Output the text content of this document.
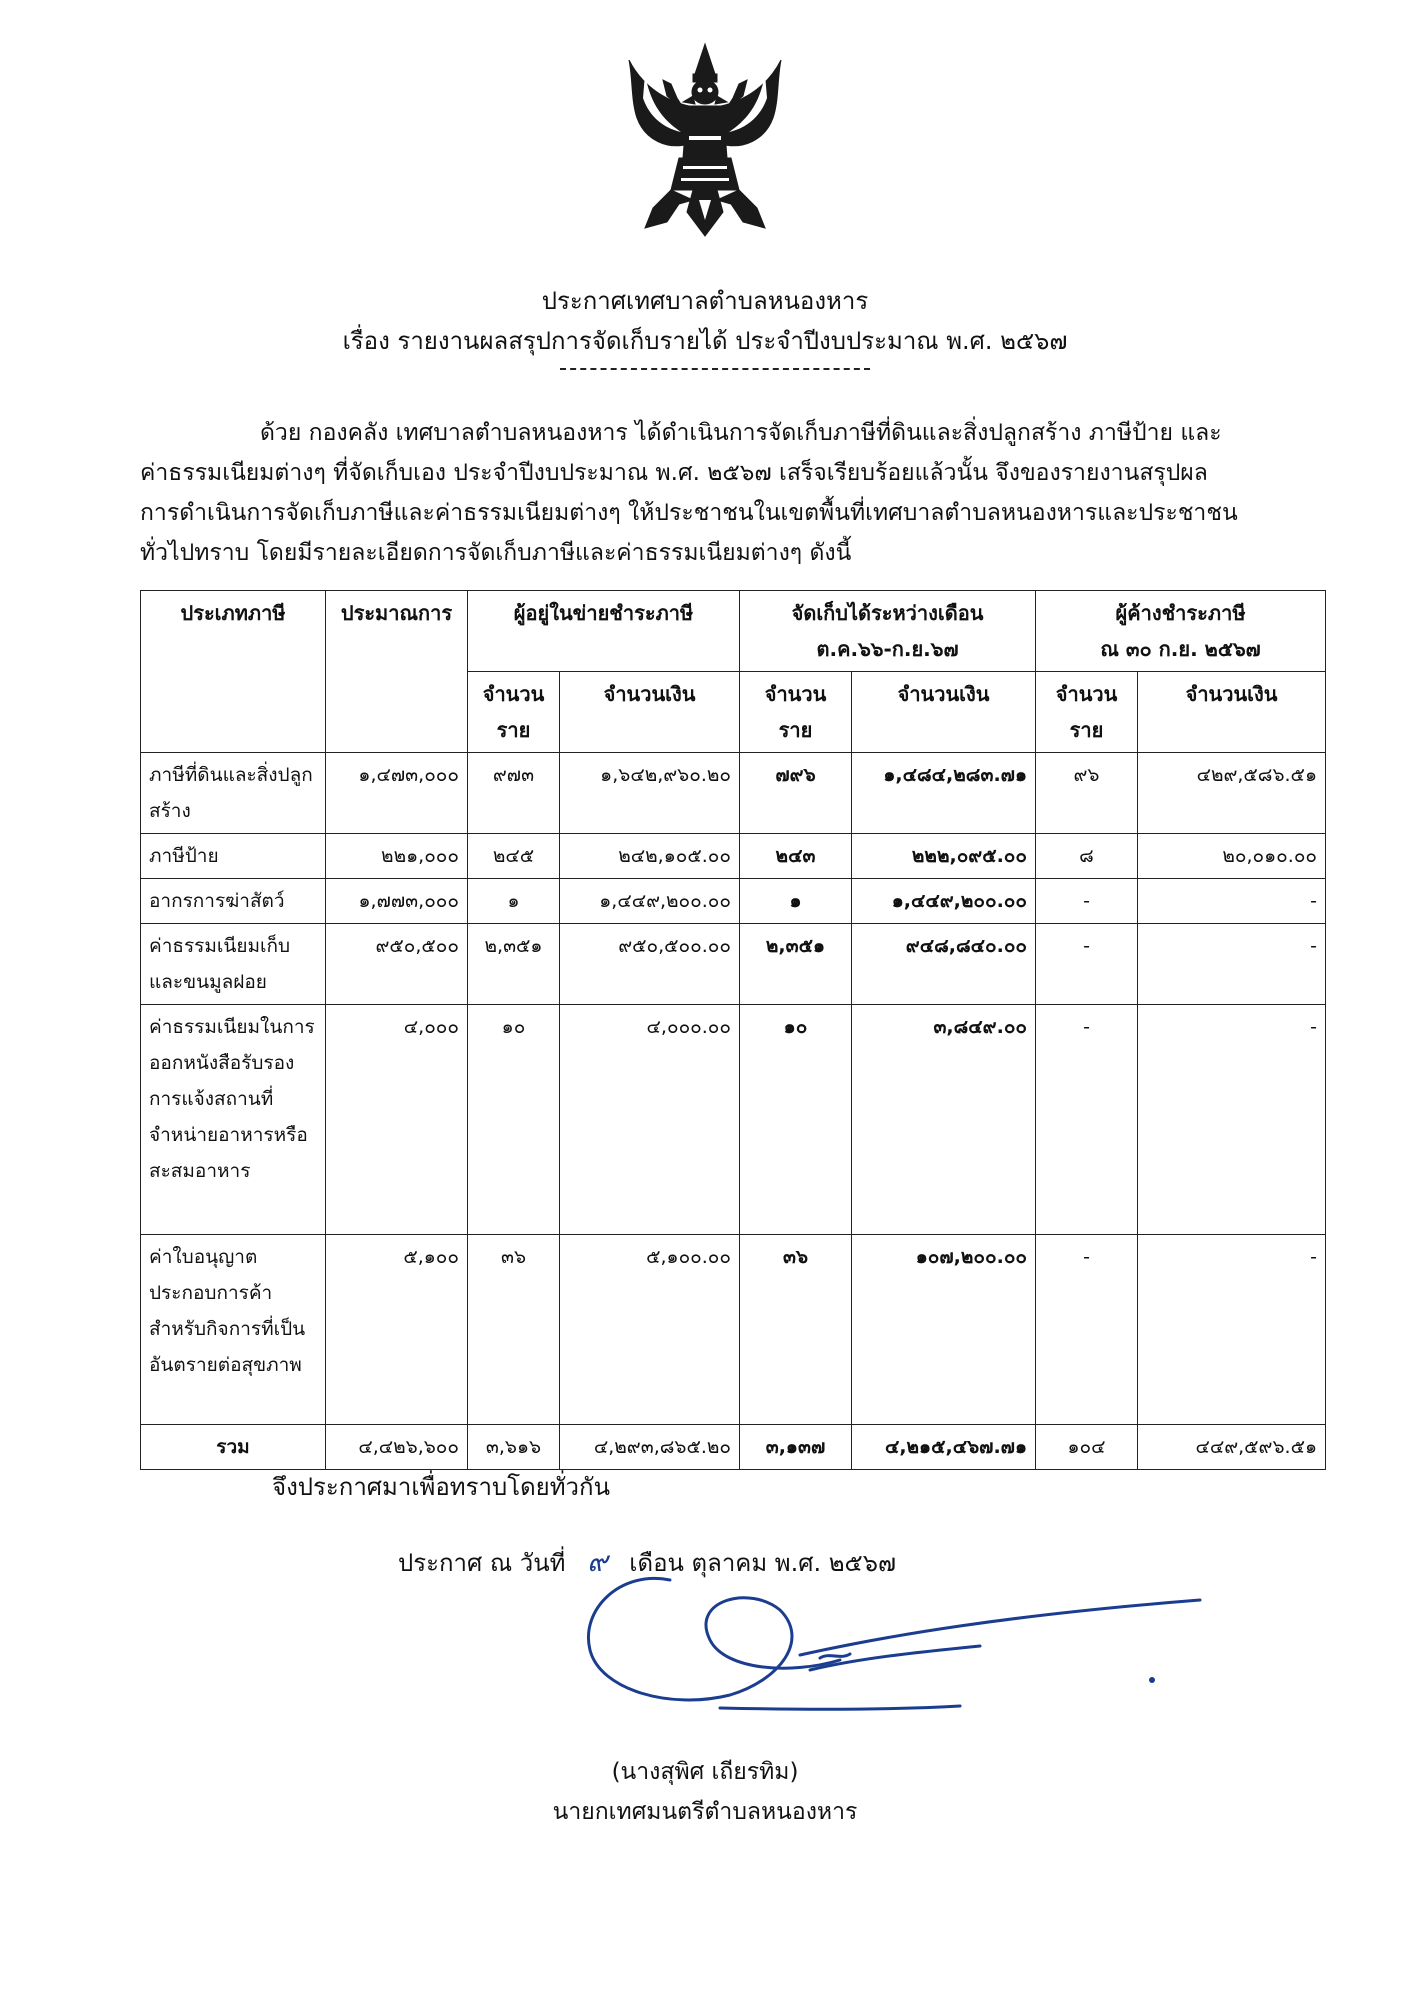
ประกาศเทศบาลตำบลหนองหาร
เรื่อง รายงานผลสรุปการจัดเก็บรายได้ ประจำปีงบประมาณ พ.ศ. ๒๕๖๗
ด้วย กองคลัง เทศบาลตำบลหนองหาร ได้ดำเนินการจัดเก็บภาษีที่ดินและสิ่งปลูกสร้าง ภาษีป้าย และ
ค่าธรรมเนียมต่างๆ ที่จัดเก็บเอง ประจำปีงบประมาณ พ.ศ. ๒๕๖๗ เสร็จเรียบร้อยแล้วนั้น จึงของรายงานสรุปผล
การดำเนินการจัดเก็บภาษีและค่าธรรมเนียมต่างๆ ให้ประชาชนในเขตพื้นที่เทศบาลตำบลหนองหารและประชาชน
ทั่วไปทราบ โดยมีรายละเอียดการจัดเก็บภาษีและค่าธรรมเนียมต่างๆ ดังนี้
ประเภทภาษี	ประมาณการ	ผู้อยู่ในข่ายชำระภาษี		จัดเก็บได้ระหว่างเดือน
ต.ค.๖๖-ก.ย.๖๗		ผู้ค้างชำระภาษี
ณ ๓๐ ก.ย. ๒๕๖๗	

		จำนวนราย	จำนวนเงิน	จำนวนราย	จำนวนเงิน	จำนวนราย	จำนวนเงิน
ภาษีที่ดินและสิ่งปลูกสร้าง	๑,๔๗๓,๐๐๐	๙๗๓	๑,๖๔๒,๙๖๐.๒๐	๗๙๖	๑,๔๘๔,๒๘๓.๗๑	๙๖	๔๒๙,๕๘๖.๕๑
ภาษีป้าย	๒๒๑,๐๐๐	๒๔๕	๒๔๒,๑๐๕.๐๐	๒๔๓	๒๒๒,๐๙๕.๐๐	๘	๒๐,๐๑๐.๐๐
อากรการฆ่าสัตว์	๑,๗๗๓,๐๐๐	๑	๑,๔๔๙,๒๐๐.๐๐	๑	๑,๔๔๙,๒๐๐.๐๐	-	-
ค่าธรรมเนียมเก็บและขนมูลฝอย	๙๕๐,๕๐๐	๒,๓๕๑	๙๕๐,๕๐๐.๐๐	๒,๓๕๑	๙๔๘,๘๔๐.๐๐	-	-
ค่าธรรมเนียมในการออกหนังสือรับรองการแจ้งสถานที่จำหน่ายอาหารหรือสะสมอาหาร	๔,๐๐๐	๑๐	๔,๐๐๐.๐๐	๑๐	๓,๘๔๙.๐๐	-	-
ค่าใบอนุญาตประกอบการค้าสำหรับกิจการที่เป็นอันตรายต่อสุขภาพ	๕,๑๐๐	๓๖	๕,๑๐๐.๐๐	๓๖	๑๐๗,๒๐๐.๐๐	-	-
รวม	๔,๔๒๖,๖๐๐	๓,๖๑๖	๔,๒๙๓,๘๖๕.๒๐	๓,๑๓๗	๔,๒๑๕,๔๖๗.๗๑	๑๐๔	๔๔๙,๕๙๖.๕๑
จึงประกาศมาเพื่อทราบโดยทั่วกัน
ประกาศ ณ วันที่ ๙ เดือน ตุลาคม พ.ศ. ๒๕๖๗
(นางสุพิศ เถียรทิม)
นายกเทศมนตรีตำบลหนองหาร
